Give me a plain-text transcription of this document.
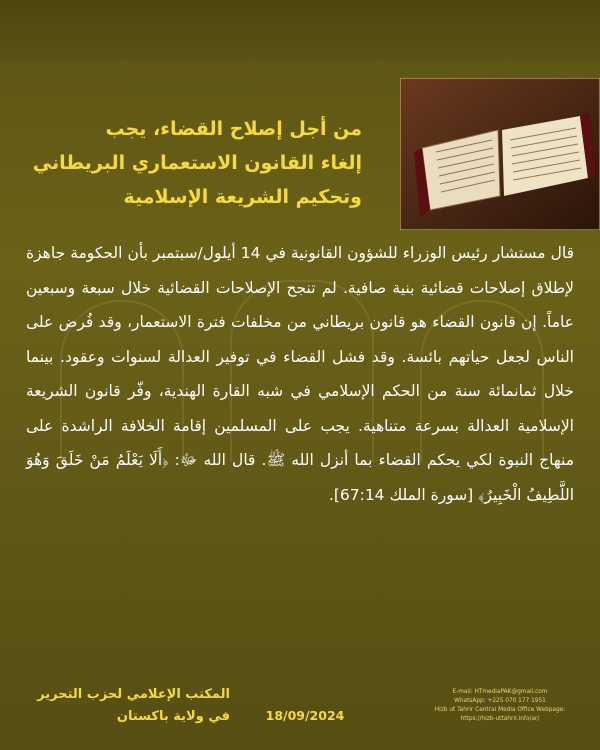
من أجل إصلاح القضاء، يجب
إلغاء القانون الاستعماري البريطاني
وتحكيم الشريعة الإسلامية
قال مستشار رئيس الوزراء للشؤون القانونية في 14 أيلول/سبتمبر بأن الحكومة جاهزة لإطلاق إصلاحات قضائية بنية صافية. لم تنجح الإصلاحات القضائية خلال سبعة وسبعين عاماً. إن قانون القضاء هو قانون بريطاني من مخلفات فترة الاستعمار، وقد فُرض على الناس لجعل حياتهم بائسة. وقد فشل القضاء في توفير العدالة لسنوات وعقود. بينما خلال ثمانمائة سنة من الحكم الإسلامي في شبه القارة الهندية، وفّر قانون الشريعة الإسلامية العدالة بسرعة متناهية. يجب على المسلمين إقامة الخلافة الراشدة على منهاج النبوة لكي يحكم القضاء بما أنزل الله ﷺ. قال الله ﷻ: ﴿أَلَا يَعْلَمُ مَنْ خَلَقَ وَهُوَ اللَّطِيفُ الْخَبِيرُ﴾ [سورة الملك 67:14].
المكتب الإعلامي لحزب التحرير
في ولاية باكستان	18/09/2024
E-mail: HTmediaPAK@gmail.com
WhatsApp: +225 070 177 1951
Hizb ut Tahrir Central Media Office Webpage:
https://hizb-uttahrir.info/ar/
